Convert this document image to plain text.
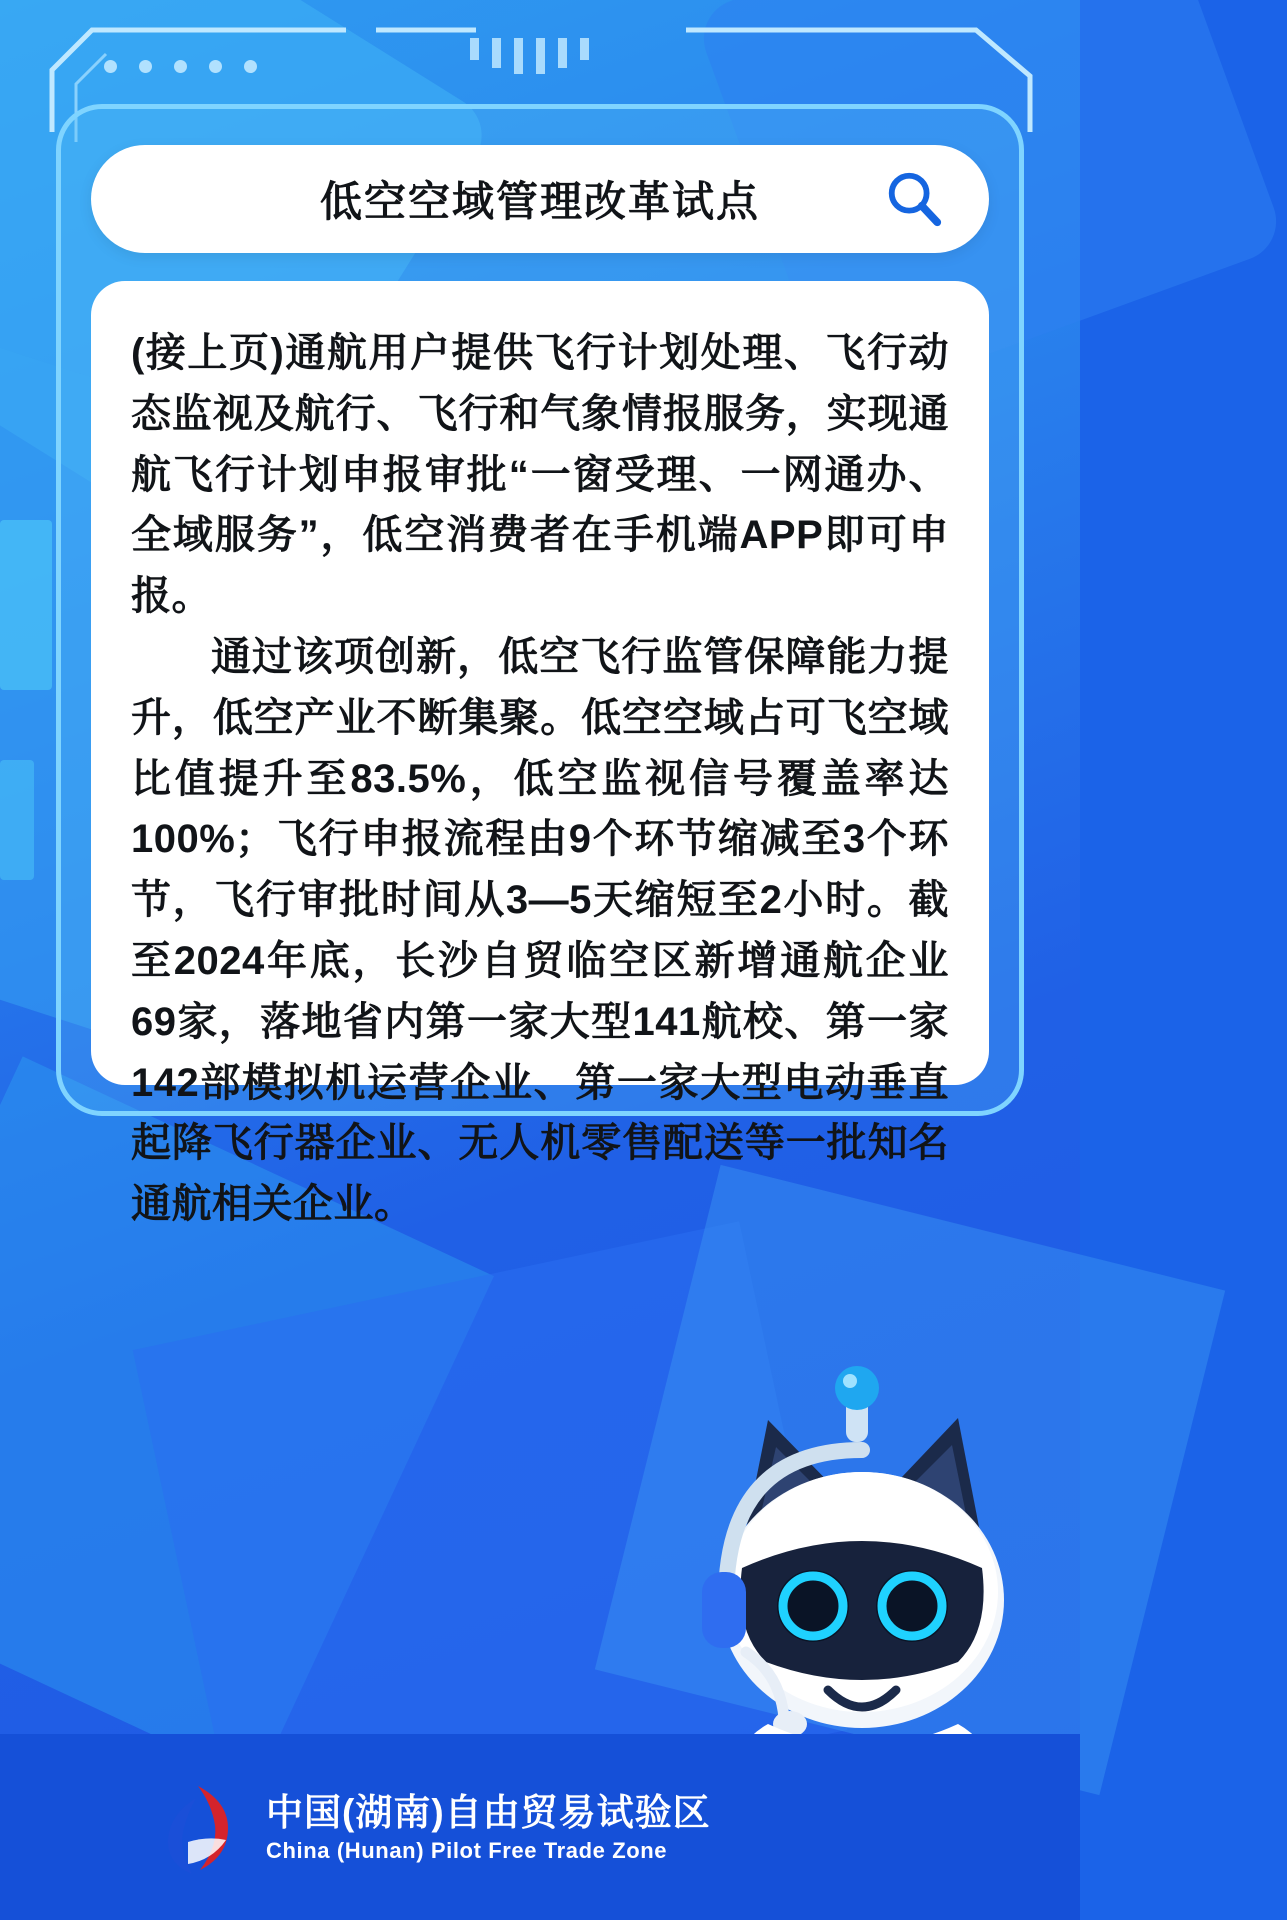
低空空域管理改革试点

(接上页)通航用户提供飞行计划处理、飞行动态监视及航行、飞行和气象情报服务，实现通航飞行计划申报审批“一窗受理、一网通办、全域服务”，低空消费者在手机端APP即可申报。

通过该项创新，低空飞行监管保障能力提升，低空产业不断集聚。低空空域占可飞空域比值提升至83.5%，低空监视信号覆盖率达100%；飞行申报流程由9个环节缩减至3个环节，飞行审批时间从3—5天缩短至2小时。截至2024年底，长沙自贸临空区新增通航企业69家，落地省内第一家大型141航校、第一家142部模拟机运营企业、第一家大型电动垂直起降飞行器企业、无人机零售配送等一批知名通航相关企业。

中国(湖南)自由贸易试验区
China (Hunan) Pilot Free Trade Zone
